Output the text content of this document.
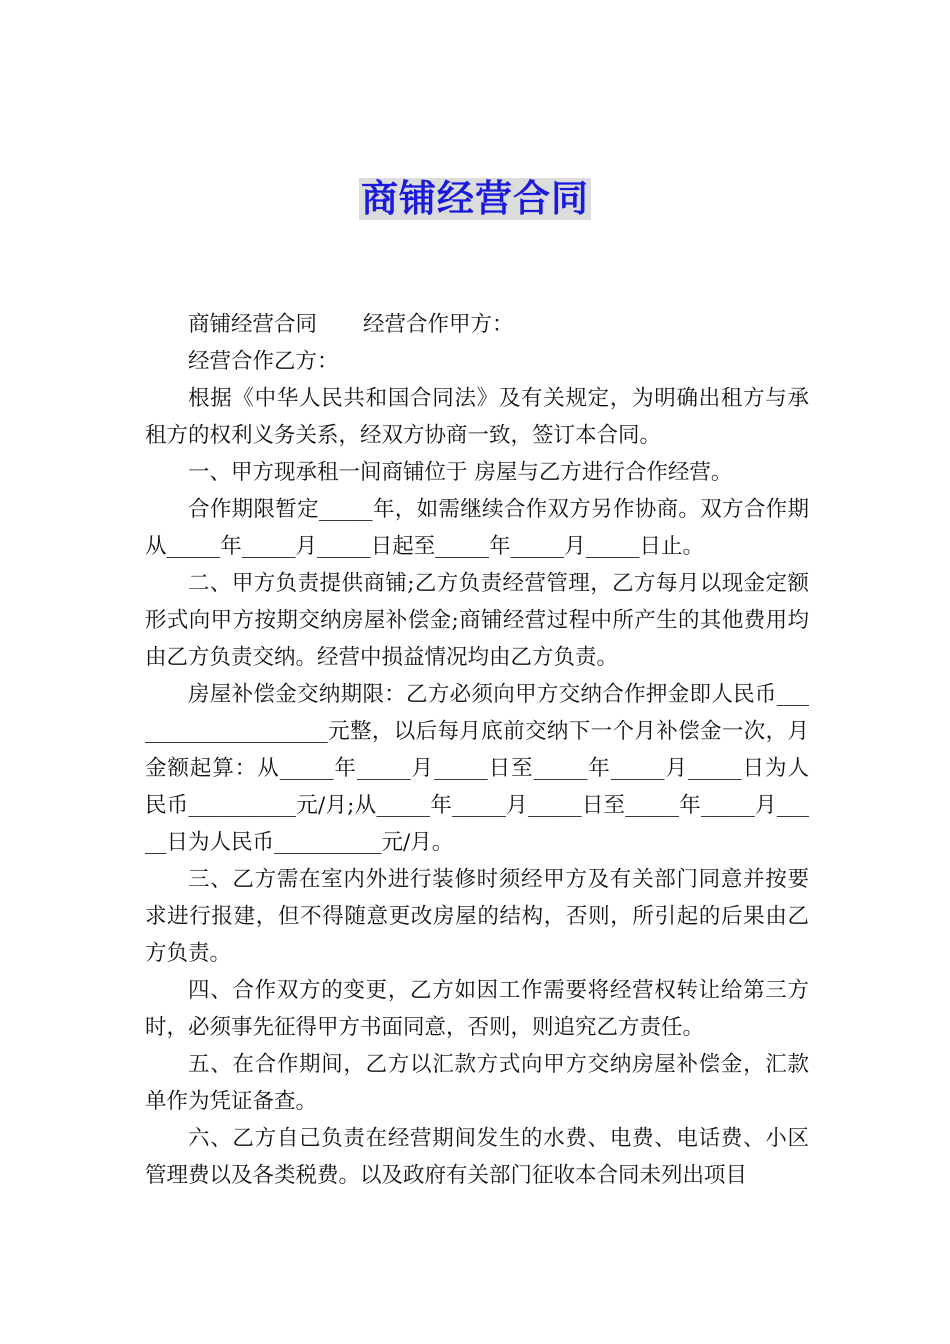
商铺经营合同

商铺经营合同 经营合作甲方：

经营合作乙方：

根据《中华人民共和国合同法》及有关规定，为明确出租方与承租方的权利义务关系，经双方协商一致，签订本合同。

一、甲方现承租一间商铺位于 房屋与乙方进行合作经营。

合作期限暂定_____年，如需继续合作双方另作协商。双方合作期从_____年_____月_____日起至_____年_____月_____日止。

二、甲方负责提供商铺;乙方负责经营管理，乙方每月以现金定额形式向甲方按期交纳房屋补偿金;商铺经营过程中所产生的其他费用均由乙方负责交纳。经营中损益情况均由乙方负责。

房屋补偿金交纳期限：乙方必须向甲方交纳合作押金即人民币____________________元整，以后每月底前交纳下一个月补偿金一次，月金额起算：从_____年_____月_____日至_____年_____月_____日为人民币__________元/月;从_____年_____月_____日至_____年_____月_____日为人民币__________元/月。

三、乙方需在室内外进行装修时须经甲方及有关部门同意并按要求进行报建，但不得随意更改房屋的结构，否则，所引起的后果由乙方负责。

四、合作双方的变更，乙方如因工作需要将经营权转让给第三方时，必须事先征得甲方书面同意，否则，则追究乙方责任。

五、在合作期间，乙方以汇款方式向甲方交纳房屋补偿金，汇款单作为凭证备查。

六、乙方自己负责在经营期间发生的水费、电费、电话费、小区管理费以及各类税费。以及政府有关部门征收本合同未列出项目
